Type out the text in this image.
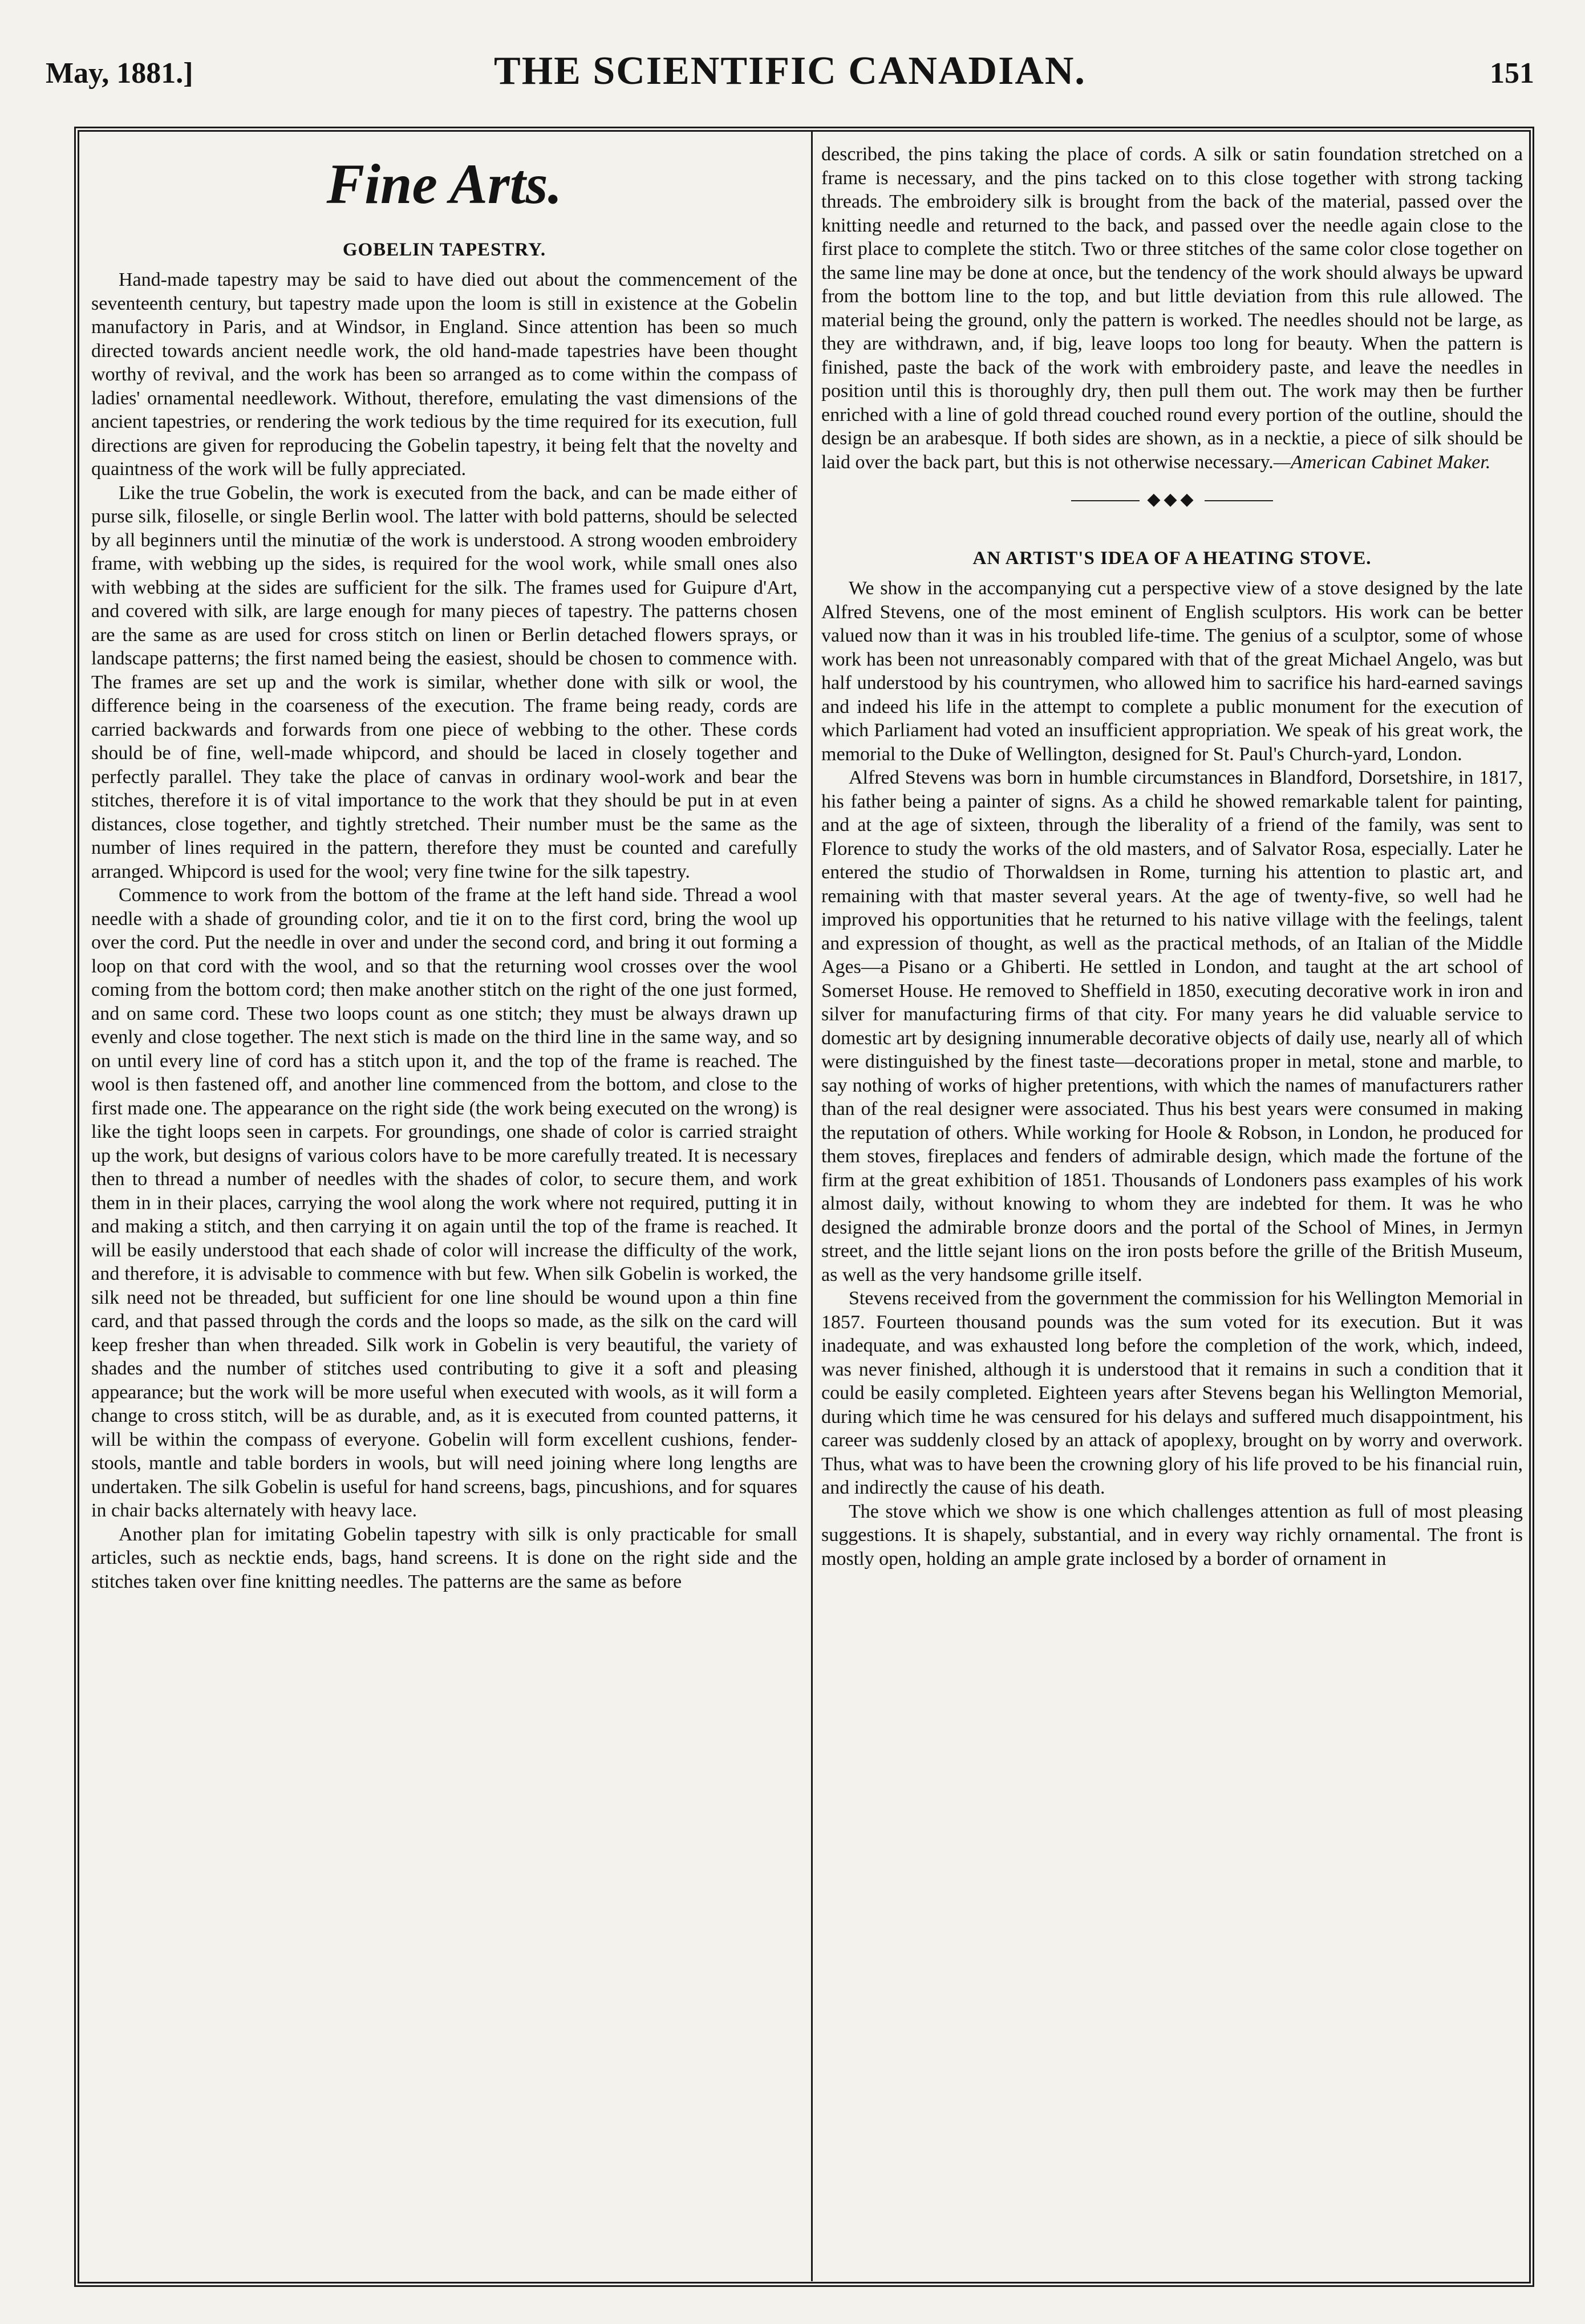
May, 1881.]	THE SCIENTIFIC CANADIAN.	151
Fine Arts.
GOBELIN TAPESTRY.

Hand-made tapestry may be said to have died out about the commencement of the seventeenth century, but tapestry made upon the loom is still in existence at the Gobelin manufactory in Paris, and at Windsor, in England. Since attention has been so much directed towards ancient needle work, the old hand-made tapestries have been thought worthy of revival, and the work has been so arranged as to come within the compass of ladies' ornamental needlework. Without, therefore, emulating the vast dimensions of the ancient tapestries, or rendering the work tedious by the time required for its execution, full directions are given for reproducing the Gobelin tapestry, it being felt that the novelty and quaintness of the work will be fully appreciated.

Like the true Gobelin, the work is executed from the back, and can be made either of purse silk, filoselle, or single Berlin wool. The latter with bold patterns, should be selected by all beginners until the minutiæ of the work is understood. A strong wooden embroidery frame, with webbing up the sides, is required for the wool work, while small ones also with webbing at the sides are sufficient for the silk. The frames used for Guipure d'Art, and covered with silk, are large enough for many pieces of tapestry. The patterns chosen are the same as are used for cross stitch on linen or Berlin detached flowers sprays, or landscape patterns; the first named being the easiest, should be chosen to commence with. The frames are set up and the work is similar, whether done with silk or wool, the difference being in the coarseness of the execution. The frame being ready, cords are carried backwards and forwards from one piece of webbing to the other. These cords should be of fine, well-made whipcord, and should be laced in closely together and perfectly parallel. They take the place of canvas in ordinary wool-work and bear the stitches, therefore it is of vital importance to the work that they should be put in at even distances, close together, and tightly stretched. Their number must be the same as the number of lines required in the pattern, therefore they must be counted and carefully arranged. Whipcord is used for the wool; very fine twine for the silk tapestry.

Commence to work from the bottom of the frame at the left hand side. Thread a wool needle with a shade of grounding color, and tie it on to the first cord, bring the wool up over the cord. Put the needle in over and under the second cord, and bring it out forming a loop on that cord with the wool, and so that the returning wool crosses over the wool coming from the bottom cord; then make another stitch on the right of the one just formed, and on same cord. These two loops count as one stitch; they must be always drawn up evenly and close together. The next stich is made on the third line in the same way, and so on until every line of cord has a stitch upon it, and the top of the frame is reached. The wool is then fastened off, and another line commenced from the bottom, and close to the first made one. The appearance on the right side (the work being executed on the wrong) is like the tight loops seen in carpets. For groundings, one shade of color is carried straight up the work, but designs of various colors have to be more carefully treated. It is necessary then to thread a number of needles with the shades of color, to secure them, and work them in in their places, carrying the wool along the work where not required, putting it in and making a stitch, and then carrying it on again until the top of the frame is reached. It will be easily understood that each shade of color will increase the difficulty of the work, and therefore, it is advisable to commence with but few. When silk Gobelin is worked, the silk need not be threaded, but sufficient for one line should be wound upon a thin fine card, and that passed through the cords and the loops so made, as the silk on the card will keep fresher than when threaded. Silk work in Gobelin is very beautiful, the variety of shades and the number of stitches used contributing to give it a soft and pleasing appearance; but the work will be more useful when executed with wools, as it will form a change to cross stitch, will be as durable, and, as it is executed from counted patterns, it will be within the compass of everyone. Gobelin will form excellent cushions, fender-stools, mantle and table borders in wools, but will need joining where long lengths are undertaken. The silk Gobelin is useful for hand screens, bags, pincushions, and for squares in chair backs alternately with heavy lace.

Another plan for imitating Gobelin tapestry with silk is only practicable for small articles, such as necktie ends, bags, hand screens. It is done on the right side and the stitches taken over fine knitting needles. The patterns are the same as before

described, the pins taking the place of cords. A silk or satin foundation stretched on a frame is necessary, and the pins tacked on to this close together with strong tacking threads. The embroidery silk is brought from the back of the material, passed over the knitting needle and returned to the back, and passed over the needle again close to the first place to complete the stitch. Two or three stitches of the same color close together on the same line may be done at once, but the tendency of the work should always be upward from the bottom line to the top, and but little deviation from this rule allowed. The material being the ground, only the pattern is worked. The needles should not be large, as they are withdrawn, and, if big, leave loops too long for beauty. When the pattern is finished, paste the back of the work with embroidery paste, and leave the needles in position until this is thoroughly dry, then pull them out. The work may then be further enriched with a line of gold thread couched round every portion of the outline, should the design be an arabesque. If both sides are shown, as in a necktie, a piece of silk should be laid over the back part, but this is not otherwise necessary.—American Cabinet Maker.

◆◆◆
AN ARTIST'S IDEA OF A HEATING STOVE.

We show in the accompanying cut a perspective view of a stove designed by the late Alfred Stevens, one of the most eminent of English sculptors. His work can be better valued now than it was in his troubled life-time. The genius of a sculptor, some of whose work has been not unreasonably compared with that of the great Michael Angelo, was but half understood by his countrymen, who allowed him to sacrifice his hard-earned savings and indeed his life in the attempt to complete a public monument for the execution of which Parliament had voted an insufficient appropriation. We speak of his great work, the memorial to the Duke of Wellington, designed for St. Paul's Church-yard, London.

Alfred Stevens was born in humble circumstances in Blandford, Dorsetshire, in 1817, his father being a painter of signs. As a child he showed remarkable talent for painting, and at the age of sixteen, through the liberality of a friend of the family, was sent to Florence to study the works of the old masters, and of Salvator Rosa, especially. Later he entered the studio of Thorwaldsen in Rome, turning his attention to plastic art, and remaining with that master several years. At the age of twenty-five, so well had he improved his opportunities that he returned to his native village with the feelings, talent and expression of thought, as well as the practical methods, of an Italian of the Middle Ages—a Pisano or a Ghiberti. He settled in London, and taught at the art school of Somerset House. He removed to Sheffield in 1850, executing decorative work in iron and silver for manufacturing firms of that city. For many years he did valuable service to domestic art by designing innumerable decorative objects of daily use, nearly all of which were distinguished by the finest taste—decorations proper in metal, stone and marble, to say nothing of works of higher pretentions, with which the names of manufacturers rather than of the real designer were associated. Thus his best years were consumed in making the reputation of others. While working for Hoole & Robson, in London, he produced for them stoves, fireplaces and fenders of admirable design, which made the fortune of the firm at the great exhibition of 1851. Thousands of Londoners pass examples of his work almost daily, without knowing to whom they are indebted for them. It was he who designed the admirable bronze doors and the portal of the School of Mines, in Jermyn street, and the little sejant lions on the iron posts before the grille of the British Museum, as well as the very handsome grille itself.

Stevens received from the government the commission for his Wellington Memorial in 1857. Fourteen thousand pounds was the sum voted for its execution. But it was inadequate, and was exhausted long before the completion of the work, which, indeed, was never finished, although it is understood that it remains in such a condition that it could be easily completed. Eighteen years after Stevens began his Wellington Memorial, during which time he was censured for his delays and suffered much disappointment, his career was suddenly closed by an attack of apoplexy, brought on by worry and overwork. Thus, what was to have been the crowning glory of his life proved to be his financial ruin, and indirectly the cause of his death.

The stove which we show is one which challenges attention as full of most pleasing suggestions. It is shapely, substantial, and in every way richly ornamental. The front is mostly open, holding an ample grate inclosed by a border of ornament in
